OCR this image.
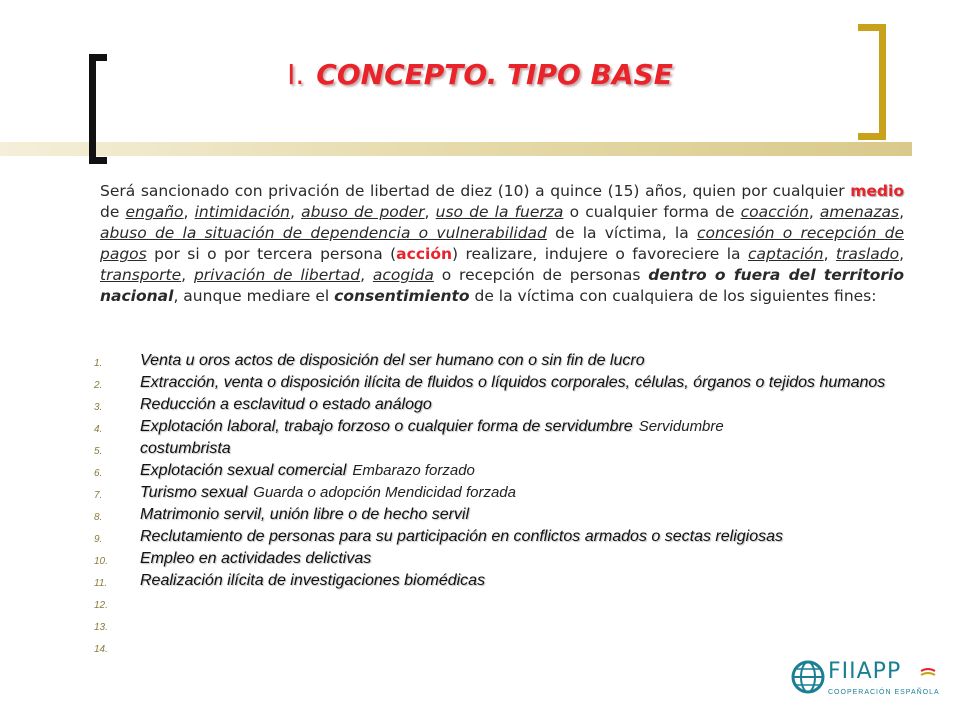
I. CONCEPTO. TIPO BASE
Será sancionado con privación de libertad de diez (10) a quince (15) años, quien por cualquier medio de engaño, intimidación, abuso de poder, uso de la fuerza o cualquier forma de coacción, amenazas, abuso de la situación de dependencia o vulnerabilidad de la víctima, la concesión o recepción de pagos por si o por tercera persona (acción) realizare, indujere o favoreciere la captación, traslado, transporte, privación de libertad, acogida o recepción de personas dentro o fuera del territorio nacional, aunque mediare el consentimiento de la víctima con cualquiera de los siguientes fines:
1.	Venta u oros actos de disposición del ser humano con o sin fin de lucro
2.	Extracción, venta o disposición ilícita de fluidos o líquidos corporales, células, órganos o tejidos humanos
3.	Reducción a esclavitud o estado análogo
4.	Explotación laboral, trabajo forzoso o cualquier forma de servidumbre Servidumbre
5.	costumbrista
6.	Explotación sexual comercial Embarazo forzado
7.	Turismo sexual Guarda o adopción Mendicidad forzada
8.	Matrimonio servil, unión libre o de hecho servil
9.	Reclutamiento de personas para su participación en conflictos armados o sectas religiosas
10.	Empleo en actividades delictivas
11.	Realización ilícita de investigaciones biomédicas
12.
13.
14.
FIIAPP
COOPERACIÓN ESPAÑOLA
